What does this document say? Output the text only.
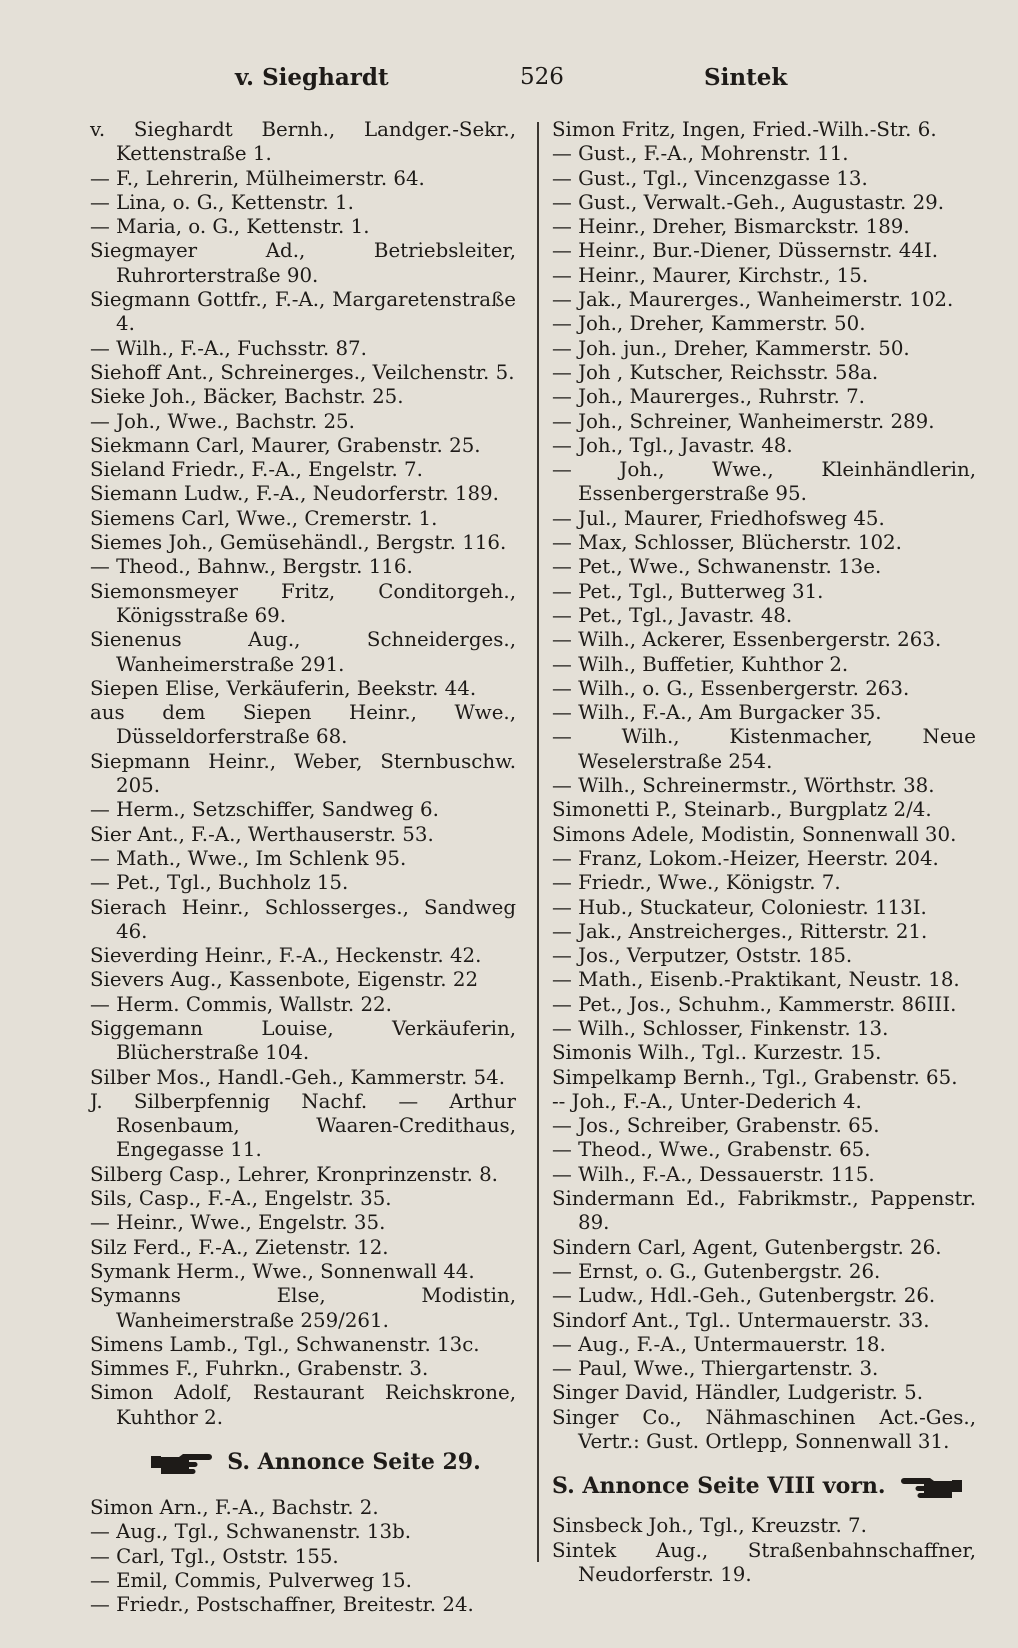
v. Sieghardt	526	Sintek
v. Sieghardt Bernh., Landger.-Sekr., Kettenstraße 1.
— F., Lehrerin, Mülheimerstr. 64.
— Lina, o. G., Kettenstr. 1.
— Maria, o. G., Kettenstr. 1.
Siegmayer Ad., Betriebsleiter, Ruhrorterstraße 90.
Siegmann Gottfr., F.-A., Margaretenstraße 4.
— Wilh., F.-A., Fuchsstr. 87.
Siehoff Ant., Schreinerges., Veilchenstr. 5.
Sieke Joh., Bäcker, Bachstr. 25.
— Joh., Wwe., Bachstr. 25.
Siekmann Carl, Maurer, Grabenstr. 25.
Sieland Friedr., F.-A., Engelstr. 7.
Siemann Ludw., F.-A., Neudorferstr. 189.
Siemens Carl, Wwe., Cremerstr. 1.
Siemes Joh., Gemüsehändl., Bergstr. 116.
— Theod., Bahnw., Bergstr. 116.
Siemonsmeyer Fritz, Conditorgeh., Königsstraße 69.
Sienenus Aug., Schneiderges., Wanheimerstraße 291.
Siepen Elise, Verkäuferin, Beekstr. 44.
aus dem Siepen Heinr., Wwe., Düsseldorferstraße 68.
Siepmann Heinr., Weber, Sternbuschw. 205.
— Herm., Setzschiffer, Sandweg 6.
Sier Ant., F.-A., Werthauserstr. 53.
— Math., Wwe., Im Schlenk 95.
— Pet., Tgl., Buchholz 15.
Sierach Heinr., Schlosserges., Sandweg 46.
Sieverding Heinr., F.-A., Heckenstr. 42.
Sievers Aug., Kassenbote, Eigenstr. 22
— Herm. Commis, Wallstr. 22.
Siggemann Louise, Verkäuferin, Blücherstraße 104.
Silber Mos., Handl.-Geh., Kammerstr. 54.
J. Silberpfennig Nachf. — Arthur Rosenbaum, Waaren-Credithaus, Engegasse 11.
Silberg Casp., Lehrer, Kronprinzenstr. 8.
Sils, Casp., F.-A., Engelstr. 35.
— Heinr., Wwe., Engelstr. 35.
Silz Ferd., F.-A., Zietenstr. 12.
Symank Herm., Wwe., Sonnenwall 44.
Symanns Else, Modistin, Wanheimerstraße 259/261.
Simens Lamb., Tgl., Schwanenstr. 13c.
Simmes F., Fuhrkn., Grabenstr. 3.
Simon Adolf, Restaurant Reichskrone, Kuhthor 2.
S. Annonce Seite 29.
Simon Arn., F.-A., Bachstr. 2.
— Aug., Tgl., Schwanenstr. 13b.
— Carl, Tgl., Oststr. 155.
— Emil, Commis, Pulverweg 15.
— Friedr., Postschaffner, Breitestr. 24.
Simon Fritz, Ingen, Fried.-Wilh.-Str. 6.
— Gust., F.-A., Mohrenstr. 11.
— Gust., Tgl., Vincenzgasse 13.
— Gust., Verwalt.-Geh., Augustastr. 29.
— Heinr., Dreher, Bismarckstr. 189.
— Heinr., Bur.-Diener, Düssernstr. 44I.
— Heinr., Maurer, Kirchstr., 15.
— Jak., Maurerges., Wanheimerstr. 102.
— Joh., Dreher, Kammerstr. 50.
— Joh. jun., Dreher, Kammerstr. 50.
— Joh , Kutscher, Reichsstr. 58a.
— Joh., Maurerges., Ruhrstr. 7.
— Joh., Schreiner, Wanheimerstr. 289.
— Joh., Tgl., Javastr. 48.
— Joh., Wwe., Kleinhändlerin, Essenbergerstraße 95.
— Jul., Maurer, Friedhofsweg 45.
— Max, Schlosser, Blücherstr. 102.
— Pet., Wwe., Schwanenstr. 13e.
— Pet., Tgl., Butterweg 31.
— Pet., Tgl., Javastr. 48.
— Wilh., Ackerer, Essenbergerstr. 263.
— Wilh., Buffetier, Kuhthor 2.
— Wilh., o. G., Essenbergerstr. 263.
— Wilh., F.-A., Am Burgacker 35.
— Wilh., Kistenmacher, Neue Weselerstraße 254.
— Wilh., Schreinermstr., Wörthstr. 38.
Simonetti P., Steinarb., Burgplatz 2/4.
Simons Adele, Modistin, Sonnenwall 30.
— Franz, Lokom.-Heizer, Heerstr. 204.
— Friedr., Wwe., Königstr. 7.
— Hub., Stuckateur, Coloniestr. 113I.
— Jak., Anstreicherges., Ritterstr. 21.
— Jos., Verputzer, Oststr. 185.
— Math., Eisenb.-Praktikant, Neustr. 18.
— Pet., Jos., Schuhm., Kammerstr. 86III.
— Wilh., Schlosser, Finkenstr. 13.
Simonis Wilh., Tgl.. Kurzestr. 15.
Simpelkamp Bernh., Tgl., Grabenstr. 65.
-- Joh., F.-A., Unter-Dederich 4.
— Jos., Schreiber, Grabenstr. 65.
— Theod., Wwe., Grabenstr. 65.
— Wilh., F.-A., Dessauerstr. 115.
Sindermann Ed., Fabrikmstr., Pappenstr. 89.
Sindern Carl, Agent, Gutenbergstr. 26.
— Ernst, o. G., Gutenbergstr. 26.
— Ludw., Hdl.-Geh., Gutenbergstr. 26.
Sindorf Ant., Tgl.. Untermauerstr. 33.
— Aug., F.-A., Untermauerstr. 18.
— Paul, Wwe., Thiergartenstr. 3.
Singer David, Händler, Ludgeristr. 5.
Singer Co., Nähmaschinen Act.-Ges., Vertr.: Gust. Ortlepp, Sonnenwall 31.
S. Annonce Seite VIII vorn.
Sinsbeck Joh., Tgl., Kreuzstr. 7.
Sintek Aug., Straßenbahnschaffner, Neudorferstr. 19.
